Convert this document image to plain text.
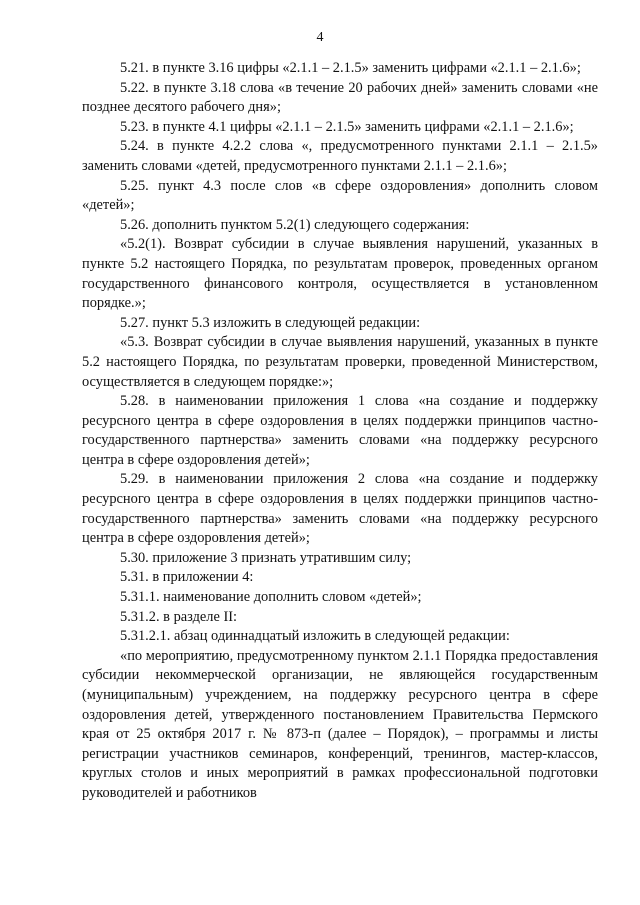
4

5.21. в пункте 3.16 цифры «2.1.1 – 2.1.5» заменить цифрами «2.1.1 – 2.1.6»;

5.22. в пункте 3.18 слова «в течение 20 рабочих дней» заменить словами «не позднее десятого рабочего дня»;

5.23. в пункте 4.1 цифры «2.1.1 – 2.1.5» заменить цифрами «2.1.1 – 2.1.6»;

5.24. в пункте 4.2.2 слова «, предусмотренного пунктами 2.1.1 – 2.1.5» заменить словами «детей, предусмотренного пунктами 2.1.1 – 2.1.6»;

5.25. пункт 4.3 после слов «в сфере оздоровления» дополнить словом «детей»;

5.26. дополнить пунктом 5.2(1) следующего содержания:

«5.2(1). Возврат субсидии в случае выявления нарушений, указанных в пункте 5.2 настоящего Порядка, по результатам проверок, проведенных органом государственного финансового контроля, осуществляется в установленном порядке.»;

5.27. пункт 5.3 изложить в следующей редакции:

«5.3. Возврат субсидии в случае выявления нарушений, указанных в пункте 5.2 настоящего Порядка, по результатам проверки, проведенной Министерством, осуществляется в следующем порядке:»;

5.28. в наименовании приложения 1 слова «на создание и поддержку ресурсного центра в сфере оздоровления в целях поддержки принципов частно-государственного партнерства» заменить словами «на поддержку ресурсного центра в сфере оздоровления детей»;

5.29. в наименовании приложения 2 слова «на создание и поддержку ресурсного центра в сфере оздоровления в целях поддержки принципов частно-государственного партнерства» заменить словами «на поддержку ресурсного центра в сфере оздоровления детей»;

5.30. приложение 3 признать утратившим силу;

5.31. в приложении 4:

5.31.1. наименование дополнить словом «детей»;

5.31.2. в разделе II:

5.31.2.1. абзац одиннадцатый изложить в следующей редакции:

«по мероприятию, предусмотренному пунктом 2.1.1 Порядка предоставления субсидии некоммерческой организации, не являющейся государственным (муниципальным) учреждением, на поддержку ресурсного центра в сфере оздоровления детей, утвержденного постановлением Правительства Пермского края от 25 октября 2017 г. № 873-п (далее – Порядок), – программы и листы регистрации участников семинаров, конференций, тренингов, мастер-классов, круглых столов и иных мероприятий в рамках профессиональной подготовки руководителей и работников
